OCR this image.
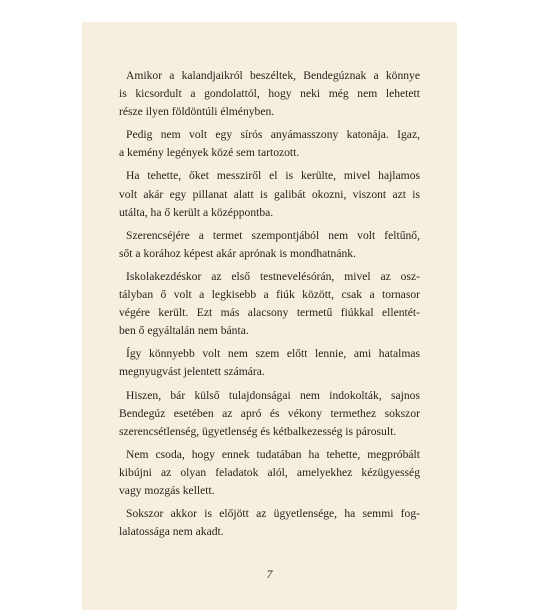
Amikor a kalandjaikról beszéltek, Bendegúznak a könnye
is kicsordult a gondolattól, hogy neki még nem lehetett
része ilyen földöntúli élményben.

Pedig nem volt egy sírós anyámasszony katonája. Igaz,
a kemény legények közé sem tartozott.

Ha tehette, őket messziről el is kerülte, mivel hajlamos
volt akár egy pillanat alatt is galibát okozni, viszont azt is
utálta, ha ő került a középpontba.

Szerencséjére a termet szempontjából nem volt feltűnő,
sőt a korához képest akár aprónak is mondhatnánk.

Iskolakezdéskor az első testnevelésórán, mivel az osz-
tályban ő volt a legkisebb a fiúk között, csak a tornasor
végére került. Ezt más alacsony termetű fiúkkal ellentét-
ben ő egyáltalán nem bánta.

Így könnyebb volt nem szem előtt lennie, ami hatalmas
megnyugvást jelentett számára.

Hiszen, bár külső tulajdonságai nem indokolták, sajnos
Bendegúz esetében az apró és vékony termethez sokszor
szerencsétlenség, ügyetlenség és kétbalkezesség is párosult.

Nem csoda, hogy ennek tudatában ha tehette, megpróbált
kibújni az olyan feladatok alól, amelyekhez kézügyesség
vagy mozgás kellett.

Sokszor akkor is előjött az ügyetlensége, ha semmi fog-
lalatossága nem akadt.

7
